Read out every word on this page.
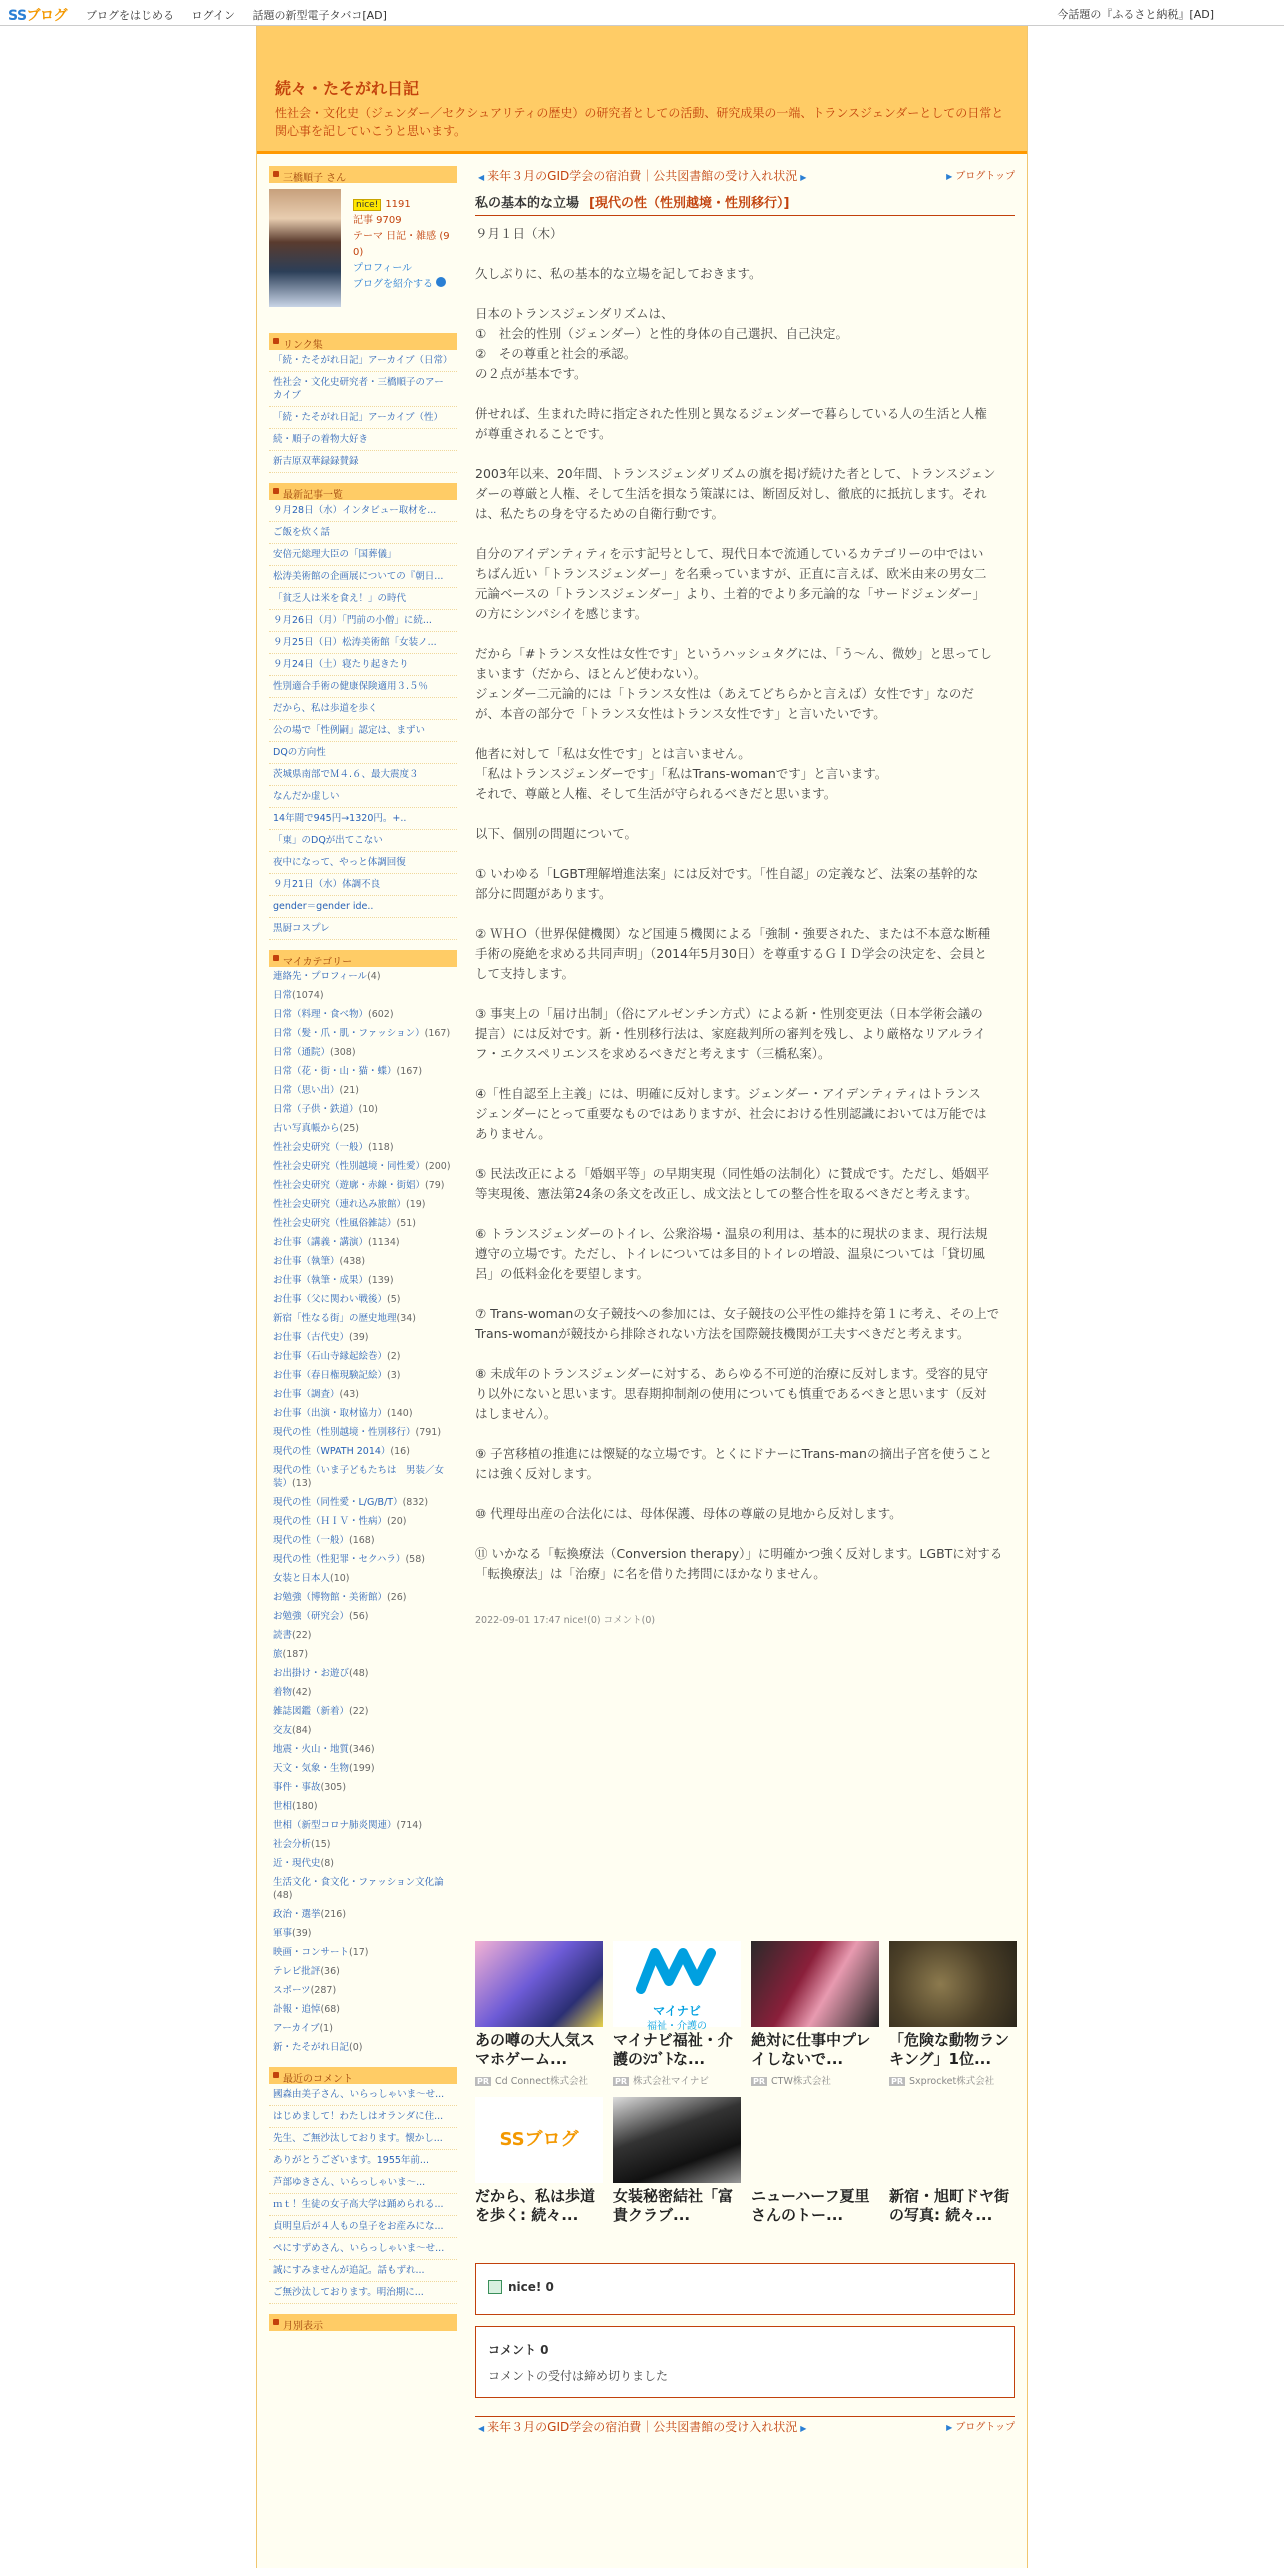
SSブログ ブログをはじめる ログイン 話題の新型電子タバコ[AD]	今話題の『ふるさと納税』[AD]
続々・たそがれ日記
性社会・文化史（ジェンダー／セクシュアリティの歴史）の研究者としての活動、研究成果の一端、トランスジェンダーとしての日常と関心事を記していこうと思います。
三橋順子 さん
nice! 1191
記事 9709
テーマ 日記・雑感 (9
0)
プロフィール
ブログを紹介する
リンク集
「続・たそがれ日記」アーカイブ（日常）
性社会・文化史研究者・三橋順子のアーカイブ
「続・たそがれ日記」アーカイブ（性）
続・順子の着物大好き
新吉原双華録録賛録
最新記事一覧
９月28日（水）インタビュー取材を...
ご飯を炊く話
安倍元総理大臣の「国葬儀」
松涛美術館の企画展についての『朝日...
「貧乏人は米を食え！」の時代
９月26日（月）「門前の小僧」に続...
９月25日（日）松涛美術館「女装ノ...
９月24日（土）寝たり起きたり
性別適合手術の健康保険適用３.５％
だから、私は歩道を歩く
公の場で「性例嗣」認定は、まずい
DQの方向性
茨城県南部でＭ４.６、最大震度３
なんだか虚しい
14年間で945円→1320円。+..
「東」のDQが出てこない
夜中になって、やっと体調回復
９月21日（水）体調不良
gender＝gender ide..
黒厨コスプレ
マイカテゴリー
連絡先・プロフィール(4)
日常(1074)
日常（料理・食べ物）(602)
日常（髪・爪・肌・ファッション）(167)
日常（通院）(308)
日常（花・街・山・猫・蝶）(167)
日常（思い出）(21)
日常（子供・鉄道）(10)
古い写真帳から(25)
性社会史研究（一般）(118)
性社会史研究（性別越境・同性愛）(200)
性社会史研究（遊廓・赤線・街娼）(79)
性社会史研究（連れ込み旅館）(19)
性社会史研究（性風俗雑誌）(51)
お仕事（講義・講演）(1134)
お仕事（執筆）(438)
お仕事（執筆・成果）(139)
お仕事（父に関わい戦後）(5)
新宿「性なる街」の歴史地理(34)
お仕事（古代史）(39)
お仕事（石山寺縁起絵巻）(2)
お仕事（春日権現験記絵）(3)
お仕事（調査）(43)
お仕事（出演・取材協力）(140)
現代の性（性別越境・性別移行）(791)
現代の性（WPATH 2014）(16)
現代の性（いま子どもたちは　男装／女装）(13)
現代の性（同性愛・L/G/B/T）(832)
現代の性（ＨＩＶ・性病）(20)
現代の性（一般）(168)
現代の性（性犯罪・セクハラ）(58)
女装と日本人(10)
お勉強（博物館・美術館）(26)
お勉強（研究会）(56)
読書(22)
旅(187)
お出掛け・お遊び(48)
着物(42)
雑誌図鑑（新着）(22)
交友(84)
地震・火山・地質(346)
天文・気象・生物(199)
事件・事故(305)
世相(180)
世相（新型コロナ肺炎関連）(714)
社会分析(15)
近・現代史(8)
生活文化・食文化・ファッション文化論(48)
政治・選挙(216)
軍事(39)
映画・コンサート(17)
テレビ批評(36)
スポーツ(287)
訃報・追悼(68)
アーカイブ(1)
新・たそがれ日記(0)
最近のコメント
國森由美子さん、いらっしゃいま～せ...
はじめまして！わたしはオランダに住...
先生、ご無沙汰しております。懐かし...
ありがとうございます。1955年前...
芦部ゆきさん、いらっしゃいま～...
ｍｔ！生徒の女子高大学は踊められる...
貞明皇后が４人もの皇子をお産みにな...
ぺにすずめさん、いらっしゃいま～せ...
誠にすみませんが追記。話もずれ...
ご無沙汰しております。明治期に...
月別表示
◀ 来年３月のGID学会の宿泊費｜公共図書館の受け入れ状況 ▶	▶ ブログトップ
私の基本的な立場 [現代の性（性別越境・性別移行）]

９月１日（木）

久しぶりに、私の基本的な立場を記しておきます。

日本のトランスジェンダリズムは、

①　社会的性別（ジェンダー）と性的身体の自己選択、自己決定。

②　その尊重と社会的承認。

の２点が基本です。

併せれば、生まれた時に指定された性別と異なるジェンダーで暮らしている人の生活と人権

が尊重されることです。

2003年以来、20年間、トランスジェンダリズムの旗を掲げ続けた者として、トランスジェン

ダーの尊厳と人権、そして生活を損なう策謀には、断固反対し、徹底的に抵抗します。それ

は、私たちの身を守るための自衛行動です。

自分のアイデンティティを示す記号として、現代日本で流通しているカテゴリーの中ではい

ちばん近い「トランスジェンダー」を名乗っていますが、正直に言えば、欧米由来の男女二

元論ベースの「トランスジェンダー」より、土着的でより多元論的な「サードジェンダー」

の方にシンパシイを感じます。

だから「#トランス女性は女性です」というハッシュタグには、「う～ん、微妙」と思ってし

まいます（だから、ほとんど使わない）。

ジェンダー二元論的には「トランス女性は（あえてどちらかと言えば）女性です」なのだ

が、本音の部分で「トランス女性はトランス女性です」と言いたいです。

他者に対して「私は女性です」とは言いません。

「私はトランスジェンダーです」「私はTrans-womanです」と言います。

それで、尊厳と人権、そして生活が守られるべきだと思います。

以下、個別の問題について。

① いわゆる「LGBT理解増進法案」には反対です。「性自認」の定義など、法案の基幹的な

部分に問題があります。

② ＷＨＯ（世界保健機関）など国連５機関による「強制・強要された、または不本意な断種

手術の廃絶を求める共同声明」（2014年5月30日）を尊重するＧＩＤ学会の決定を、会員と

して支持します。

③ 事実上の「届け出制」（俗にアルゼンチン方式）による新・性別変更法（日本学術会議の

提言）には反対です。新・性別移行法は、家庭裁判所の審判を残し、より厳格なリアルライ

フ・エクスペリエンスを求めるべきだと考えます（三橋私案）。

④「性自認至上主義」には、明確に反対します。ジェンダー・アイデンティティはトランス

ジェンダーにとって重要なものではありますが、社会における性別認識においては万能では

ありません。

⑤ 民法改正による「婚姻平等」の早期実現（同性婚の法制化）に賛成です。ただし、婚姻平

等実現後、憲法第24条の条文を改正し、成文法としての整合性を取るべきだと考えます。

⑥ トランスジェンダーのトイレ、公衆浴場・温泉の利用は、基本的に現状のまま、現行法規

遵守の立場です。ただし、トイレについては多目的トイレの増設、温泉については「貸切風

呂」の低料金化を要望します。

⑦ Trans-womanの女子競技への参加には、女子競技の公平性の維持を第１に考え、その上で

Trans-womanが競技から排除されない方法を国際競技機関が工夫すべきだと考えます。

⑧ 未成年のトランスジェンダーに対する、あらゆる不可逆的治療に反対します。受容的見守

り以外にないと思います。思春期抑制剤の使用についても慎重であるべきと思います（反対

はしません）。

⑨ 子宮移植の推進には懐疑的な立場です。とくにドナーにTrans-manの摘出子宮を使うこと

には強く反対します。

⑩ 代理母出産の合法化には、母体保護、母体の尊厳の見地から反対します。

⑪ いかなる「転換療法（Conversion therapy）」に明確かつ強く反対します。LGBTに対する

「転換療法」は「治療」に名を借りた拷問にほかなりません。

2022-09-01 17:47 nice!(0) コメント(0)
あの噂の大人気スマホゲーム...
PR Cd Connect株式会社
マイナビ
福祉・介護の
マイナビ福祉・介護のｼｺﾞﾄな...
PR 株式会社マイナビ
絶対に仕事中プレイしないで...
PR CTW株式会社
「危険な動物ランキング」1位...
PR Sxprocket株式会社
SSブログ
だから、私は歩道を歩く: 続々...
女装秘密結社「富貴クラブ...
ニューハーフ夏里さんのトー...
新宿・旭町ドヤ街の写真: 続々...
nice! 0
コメント 0
コメントの受付は締め切りました
◀ 来年３月のGID学会の宿泊費｜公共図書館の受け入れ状況 ▶	▶ ブログトップ
